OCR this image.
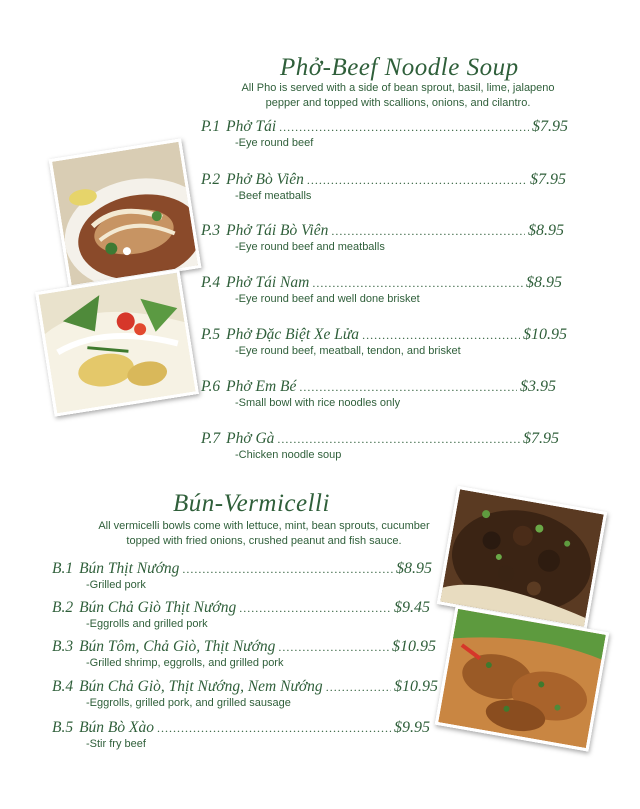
Phở-Beef Noodle Soup
All Pho is served with a side of bean sprout, basil, lime, jalapeno pepper and topped with scallions, onions, and cilantro.
P.1 Phở Tái .....	$7.95
-Eye round beef
P.2 Phở Bò Viên .....	$7.95
-Beef meatballs
P.3 Phở Tái Bò Viên .....	$8.95
-Eye round beef and meatballs
P.4 Phở Tái Nam .....	$8.95
-Eye round beef and well done brisket
P.5 Phở Đặc Biệt Xe Lửa .....	$10.95
-Eye round beef, meatball, tendon, and brisket
P.6 Phở Em Bé .....	$3.95
-Small bowl with rice noodles only
P.7 Phở Gà .....	$7.95
-Chicken noodle soup
Bún-Vermicelli
All vermicelli bowls come with lettuce, mint, bean sprouts, cucumber topped with fried onions, crushed peanut and fish sauce.
B.1 Bún Thịt Nướng .....	$8.95
-Grilled pork
B.2 Bún Chả Giò Thịt Nướng .....	$9.45
-Eggrolls and grilled pork
B.3 Bún Tôm, Chả Giò, Thịt Nướng .....	$10.95
-Grilled shrimp, eggrolls, and grilled pork
B.4 Bún Chả Giò, Thịt Nướng, Nem Nướng .....	$10.95
-Eggrolls, grilled pork, and grilled sausage
B.5 Bún Bò Xào .....	$9.95
-Stir fry beef
